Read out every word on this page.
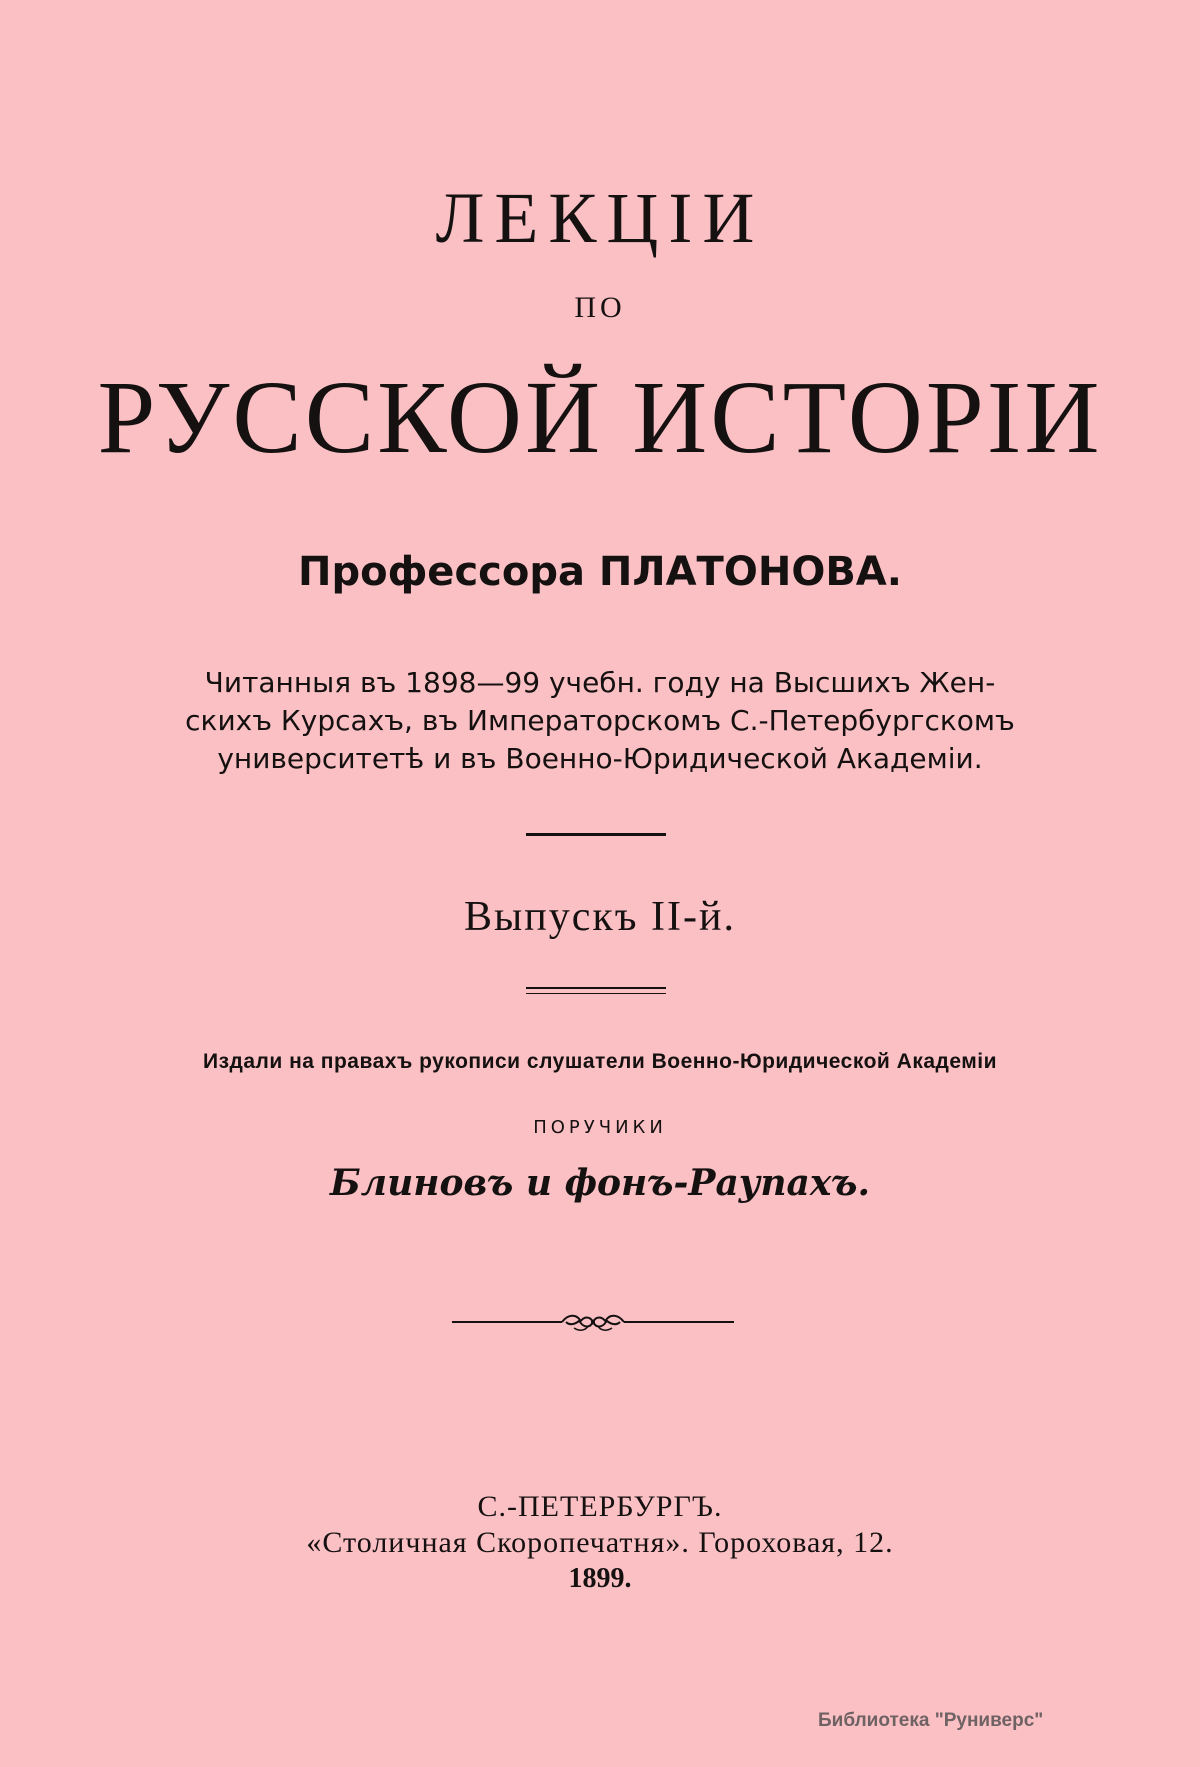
ЛЕКЦІИ
ПО
РУССКОЙ ИСТОРІИ
Профессора ПЛАТОНОВА.
Читанныя въ 1898—99 учебн. году на Высшихъ Жен-
скихъ Курсахъ, въ Императорскомъ С.-Петербургскомъ
университетѣ и въ Военно-Юридической Академіи.
Выпускъ II-й.
Издали на правахъ рукописи слушатели Военно-Юридической Академіи
ПОРУЧИКИ
Блиновъ и фонъ-Раупахъ.
С.-ПЕТЕРБУРГЪ.
«Столичная Скоропечатня». Гороховая, 12.
1899.
Библиотека "Руниверс"
